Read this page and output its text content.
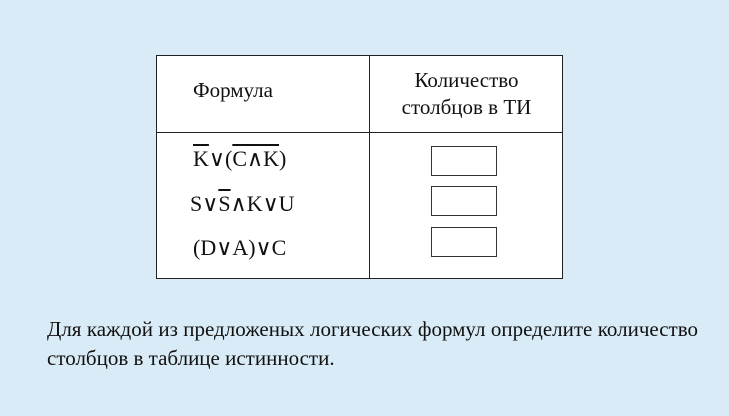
Формула	Количество
столбцов в ТИ
$\overline{K}\vee(C\wedge K)$
$S\vee\overline{S}\wedge K\vee U$
(D∨A)∨C
Для каждой из предложеных логических формул определите количество столбцов в таблице истинности.
